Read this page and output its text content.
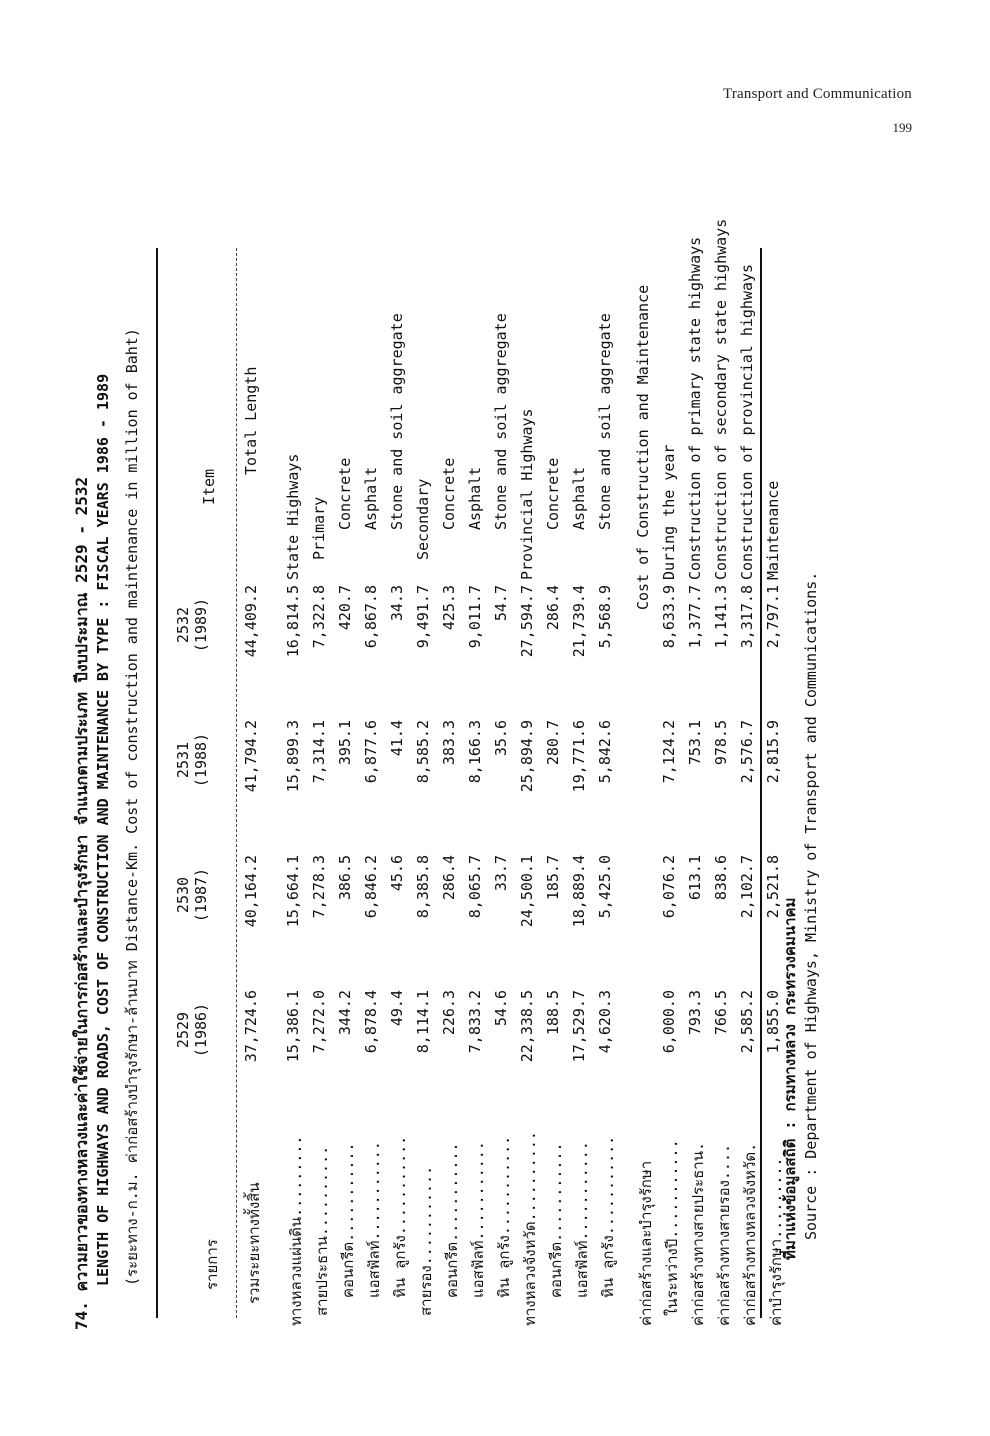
Transport and Communication
199
74. ความยาวของทางหลวงและค่าใช้จ่ายในการก่อสร้างและบำรุงรักษา จำแนกตามประเภท ปีงบประมาณ 2529 - 2532 LENGTH OF HIGHWAYS AND ROADS, COST OF CONSTRUCTION AND MAINTENANCE BY TYPE : FISCAL YEARS 1986 - 1989 (ระยะทาง-ก.ม. ค่าก่อสร้างบำรุงรักษา-ล้านบาท Distance-Km. Cost of construction and maintenance in million of Baht)	รายการ
Item
2529 (1986)
2530 (1987)
2531 (1988)
2532 (1989)
รวมระยะทางทั้งสิ้น
37,724.6
40,164.2
41,794.2
44,409.2
Total Length
ทางหลวงแผ่นดิน.........
15,386.1
15,664.1
15,899.3
16,814.5
State Highways
สายประธาน..........
7,272.0
7,278.3
7,314.1
7,322.8
Primary
คอนกรีต...........
344.2
386.5
395.1
420.7
Concrete
แอสฟัลท์...........
6,878.4
6,846.2
6,877.6
6,867.8
Asphalt
หิน ลูกรัง...........
49.4
45.6
41.4
34.3
Stone and soil aggregate
สายรอง...........
8,114.1
8,385.8
8,585.2
9,491.7
Secondary
คอนกรีต...........
226.3
286.4
383.3
425.3
Concrete
แอสฟัลท์...........
7,833.2
8,065.7
8,166.3
9,011.7
Asphalt
หิน ลูกรัง...........
54.6
33.7
35.6
54.7
Stone and soil aggregate
ทางหลวงจังหวัด..........
22,338.5
24,500.1
25,894.9
27,594.7
Provincial Highways
คอนกรีต...........
188.5
185.7
280.7
286.4
Concrete
แอสฟัลท์...........
17,529.7
18,889.4
19,771.6
21,739.4
Asphalt
หิน ลูกรัง...........
4,620.3
5,425.0
5,842.6
5,568.9
Stone and soil aggregate
ค่าก่อสร้างและบำรุงรักษา
Cost of Construction and Maintenance
ในระหว่างปี...........
6,000.0
6,076.2
7,124.2
8,633.9
During the year
ค่าก่อสร้างทางสายประธาน.
793.3
613.1
753.1
1,377.7
Construction of primary state highways
ค่าก่อสร้างทางสายรอง....
766.5
838.6
978.5
1,141.3
Construction of secondary state highways
ค่าก่อสร้างทางหลวงจังหวัด.
2,585.2
2,102.7
2,576.7
3,317.8
Construction of provincial highways
ค่าบำรุงรักษา.........
1,855.0
2,521.8
2,815.9
2,797.1
Maintenance
ที่มาแห่งข้อมูลสถิติ : กรมทางหลวง กระทรวงคมนาคม Source : Department of Highways, Ministry of Transport and Communications.
